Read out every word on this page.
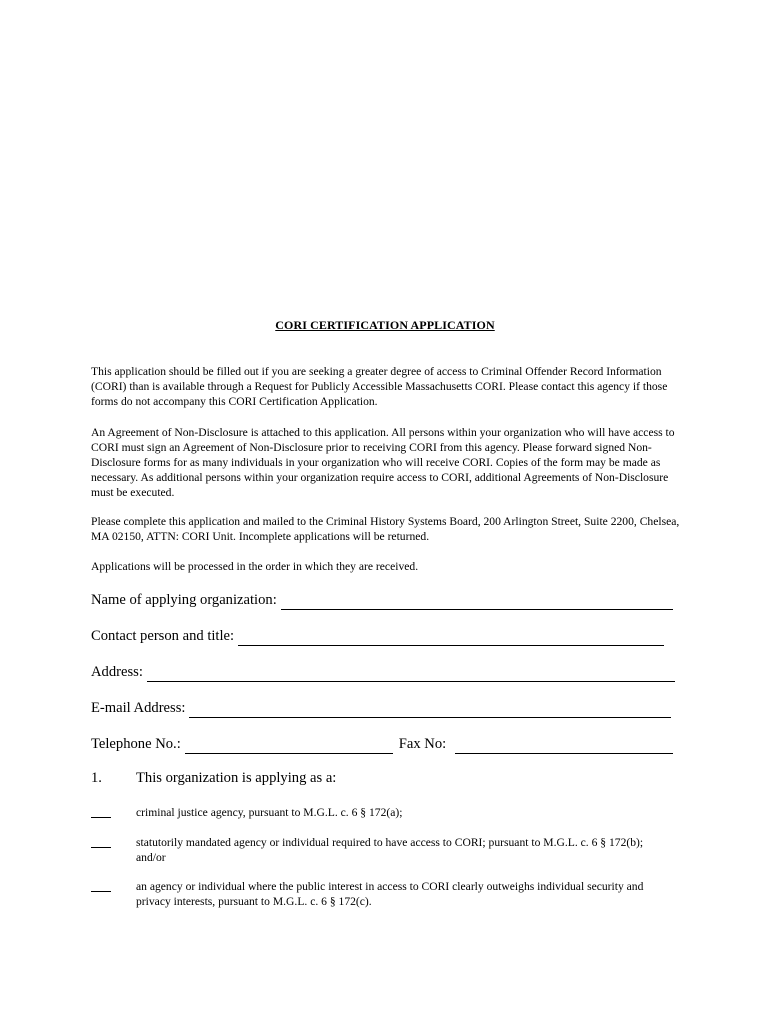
CORI CERTIFICATION APPLICATION
This application should be filled out if you are seeking a greater degree of access to Criminal Offender Record Information (CORI) than is available through a Request for Publicly Accessible Massachusetts CORI. Please contact this agency if those forms do not accompany this CORI Certification Application.
An Agreement of Non-Disclosure is attached to this application. All persons within your organization who will have access to CORI must sign an Agreement of Non-Disclosure prior to receiving CORI from this agency. Please forward signed Non-Disclosure forms for as many individuals in your organization who will receive CORI. Copies of the form may be made as necessary. As additional persons within your organization require access to CORI, additional Agreements of Non-Disclosure must be executed.
Please complete this application and mailed to the Criminal History Systems Board, 200 Arlington Street, Suite 2200, Chelsea, MA 02150, ATTN: CORI Unit. Incomplete applications will be returned.
Applications will be processed in the order in which they are received.
Name of applying organization:
Contact person and title:
Address:
E-mail Address:
Telephone No.:	Fax No:
1. This organization is applying as a:
criminal justice agency, pursuant to M.G.L. c. 6 § 172(a);
statutorily mandated agency or individual required to have access to CORI; pursuant to M.G.L. c. 6 § 172(b); and/or
an agency or individual where the public interest in access to CORI clearly outweighs individual security and privacy interests, pursuant to M.G.L. c. 6 § 172(c).
